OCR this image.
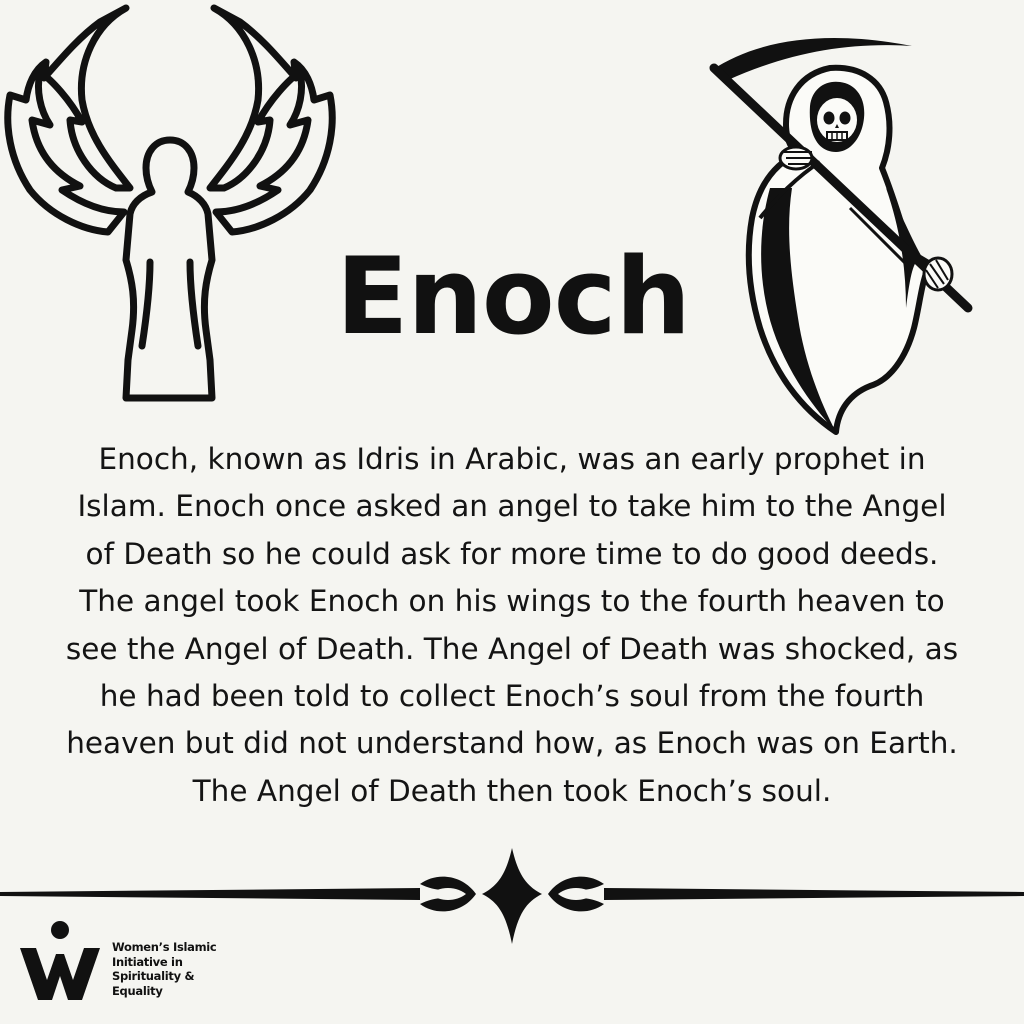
Enoch

Enoch, known as Idris in Arabic, was an early prophet in Islam. Enoch once asked an angel to take him to the Angel of Death so he could ask for more time to do good deeds. The angel took Enoch on his wings to the fourth heaven to see the Angel of Death. The Angel of Death was shocked, as he had been told to collect Enoch’s soul from the fourth heaven but did not understand how, as Enoch was on Earth. The Angel of Death then took Enoch’s soul.

Women’s Islamic
Initiative in
Spirituality &
Equality
